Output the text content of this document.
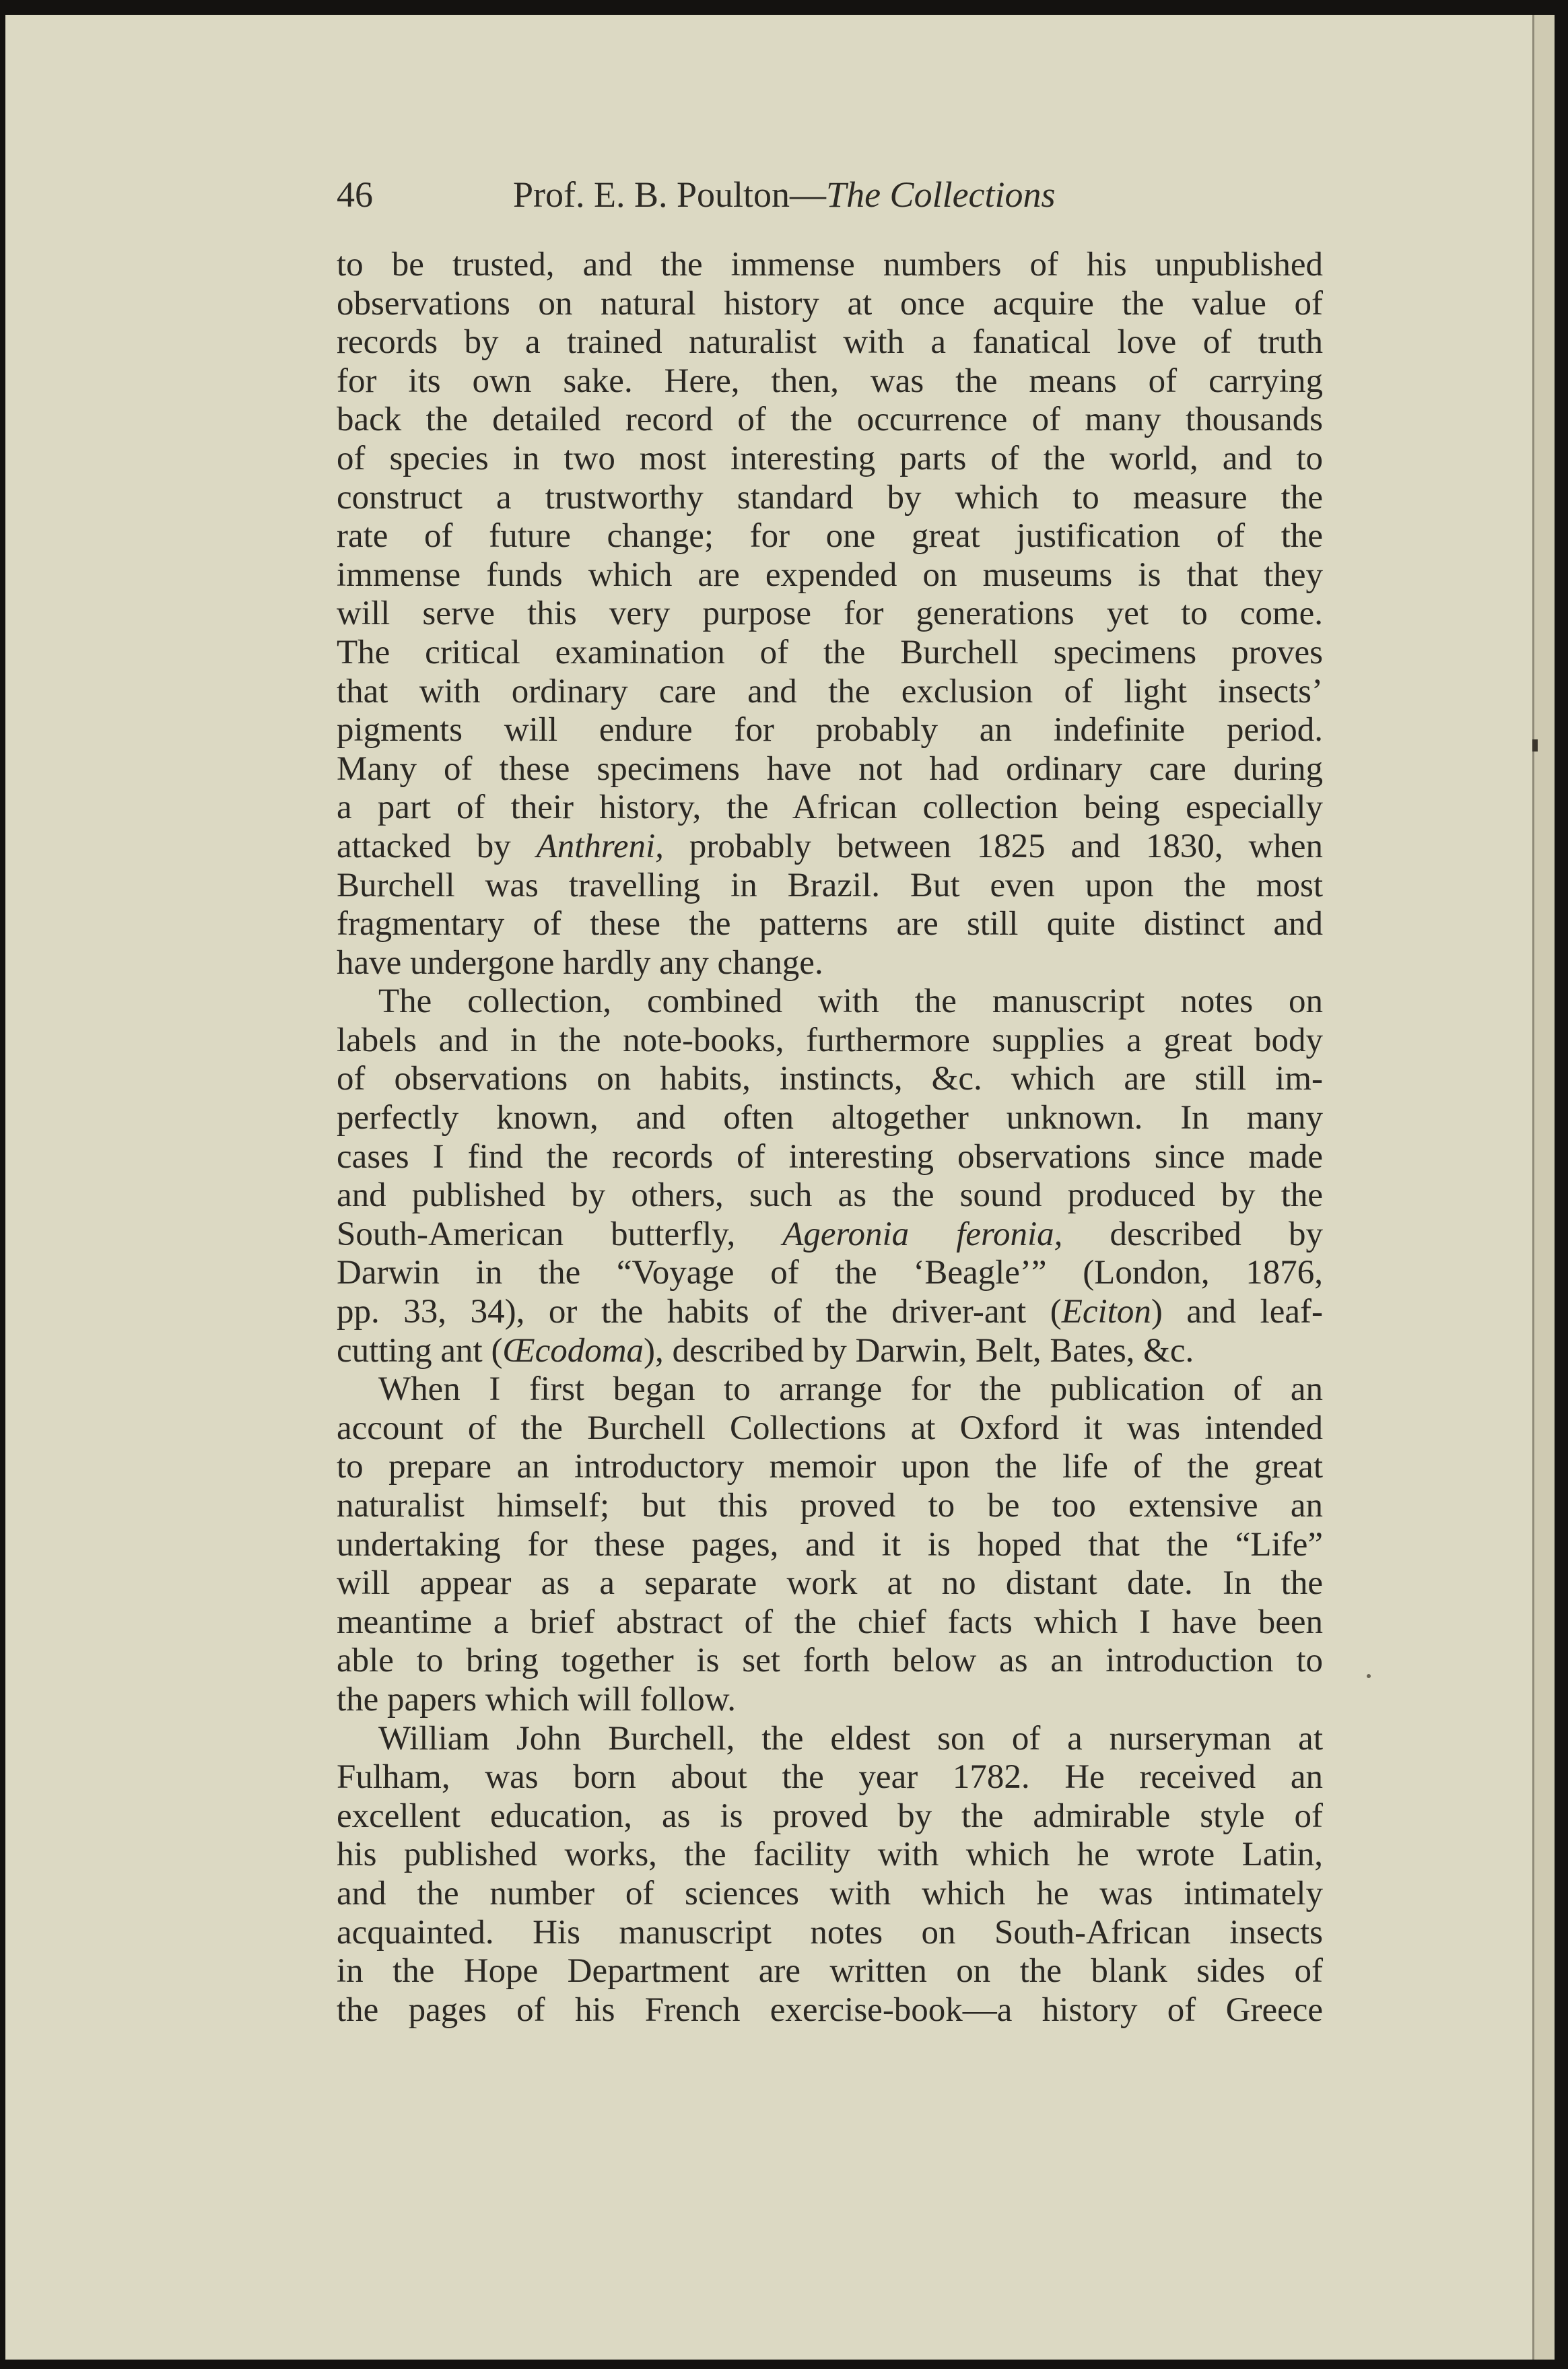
46	Prof. E. B. Poulton—The Collections
to be trusted, and the immense numbers of his unpublished
observations on natural history at once acquire the value of
records by a trained naturalist with a fanatical love of truth
for its own sake. Here, then, was the means of carrying
back the detailed record of the occurrence of many thousands
of species in two most interesting parts of the world, and to
construct a trustworthy standard by which to measure the
rate of future change; for one great justification of the
immense funds which are expended on museums is that they
will serve this very purpose for generations yet to come.
The critical examination of the Burchell specimens proves
that with ordinary care and the exclusion of light insects’
pigments will endure for probably an indefinite period.
Many of these specimens have not had ordinary care during
a part of their history, the African collection being especially
attacked by Anthreni, probably between 1825 and 1830, when
Burchell was travelling in Brazil. But even upon the most
fragmentary of these the patterns are still quite distinct and
have undergone hardly any change.
The collection, combined with the manuscript notes on
labels and in the note-books, furthermore supplies a great body
of observations on habits, instincts, &c. which are still im-
perfectly known, and often altogether unknown. In many
cases I find the records of interesting observations since made
and published by others, such as the sound produced by the
South-American butterfly, Ageronia feronia, described by
Darwin in the “Voyage of the ‘Beagle’” (London, 1876,
pp. 33, 34), or the habits of the driver-ant (Eciton) and leaf-
cutting ant (Œcodoma), described by Darwin, Belt, Bates, &c.
When I first began to arrange for the publication of an
account of the Burchell Collections at Oxford it was intended
to prepare an introductory memoir upon the life of the great
naturalist himself; but this proved to be too extensive an
undertaking for these pages, and it is hoped that the “Life”
will appear as a separate work at no distant date. In the
meantime a brief abstract of the chief facts which I have been
able to bring together is set forth below as an introduction to
the papers which will follow.
William John Burchell, the eldest son of a nurseryman at
Fulham, was born about the year 1782. He received an
excellent education, as is proved by the admirable style of
his published works, the facility with which he wrote Latin,
and the number of sciences with which he was intimately
acquainted. His manuscript notes on South-African insects
in the Hope Department are written on the blank sides of
the pages of his French exercise-book—a history of Greece
